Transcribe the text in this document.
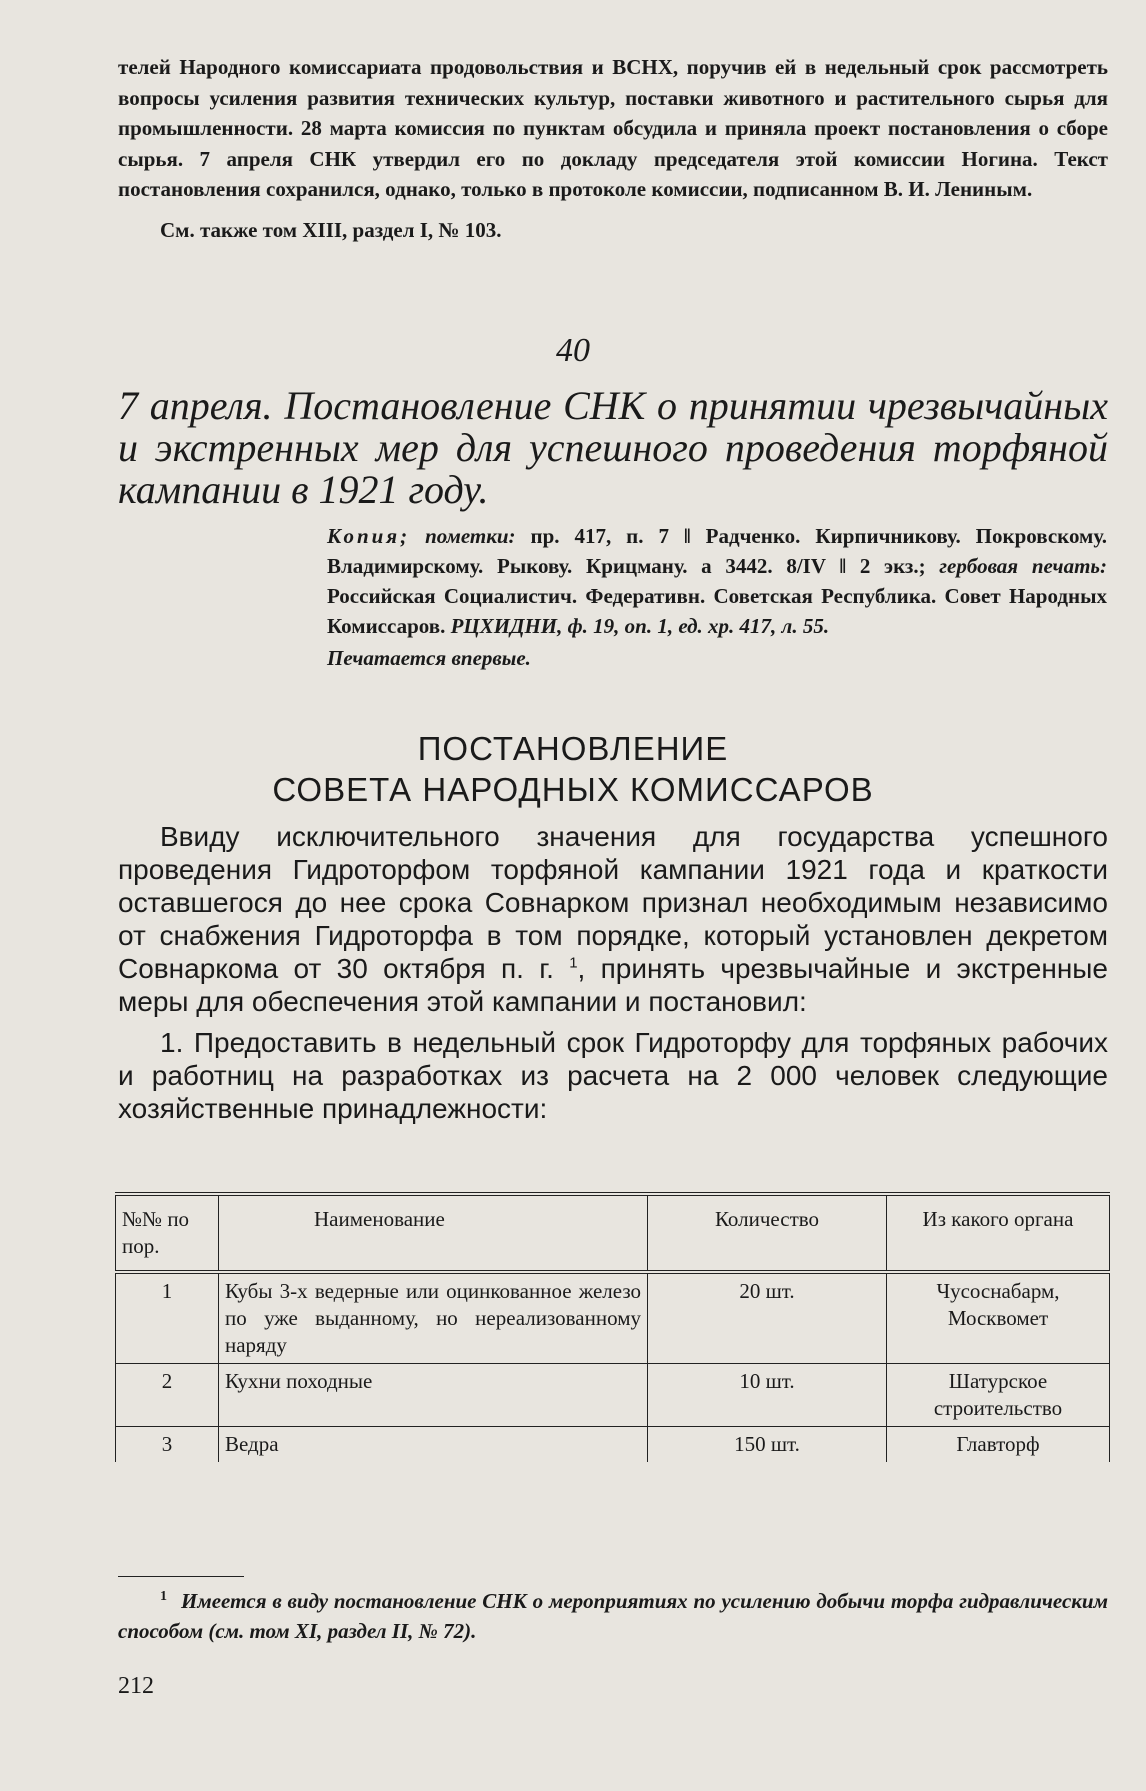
телей Народного комиссариата продовольствия и ВСНХ, поручив ей в недельный срок рассмотреть вопросы усиления развития технических культур, поставки животного и растительного сырья для промышленности. 28 марта комиссия по пунктам обсудила и приняла проект постановления о сборе сырья. 7 апреля СНК утвердил его по докладу председателя этой комиссии Ногина. Текст постановления сохранился, однако, только в протоколе комиссии, подписанном В. И. Лениным.

См. также том XIII, раздел I, № 103.

40
7 апреля. Постановление СНК о принятии чрезвычайных и экстренных мер для успешного проведения торфяной кампании в 1921 году.

Копия; пометки: пр. 417, п. 7 ‖ Радченко. Кирпичникову. Покровскому. Владимирскому. Рыкову. Крицману. а 3442. 8/IV ‖ 2 экз.; гербовая печать: Российская Социалистич. Федеративн. Советская Республика. Совет Народных Комиссаров. РЦХИДНИ, ф. 19, оп. 1, ед. хр. 417, л. 55.

Печатается впервые.

ПОСТАНОВЛЕНИЕ
СОВЕТА НАРОДНЫХ КОМИССАРОВ

Ввиду исключительного значения для государства успешного проведения Гидроторфом торфяной кампании 1921 года и краткости оставшегося до нее срока Совнарком признал необходимым независимо от снабжения Гидроторфа в том порядке, который установлен декретом Совнаркома от 30 октября п. г. $^1$, принять чрезвычайные и экстренные меры для обеспечения этой кампании и постановил:

1. Предоставить в недельный срок Гидроторфу для торфяных рабочих и работниц на разработках из расчета на 2 000 человек следующие хозяйственные принадлежности:

№№ по пор.	Наименование	Количество	Из какого органа
1	Кубы 3-х ведерные или оцинкованное железо по уже выданному, но нереализованному наряду	20 шт.	Чусоснабарм, Москвомет
2	Кухни походные	10 шт.	Шатурское строительство
3	Ведра	150 шт.	Главторф
$^1$ Имеется в виду постановление СНК о мероприятиях по усилению добычи торфа гидравлическим способом (см. том XI, раздел II, № 72).
212
